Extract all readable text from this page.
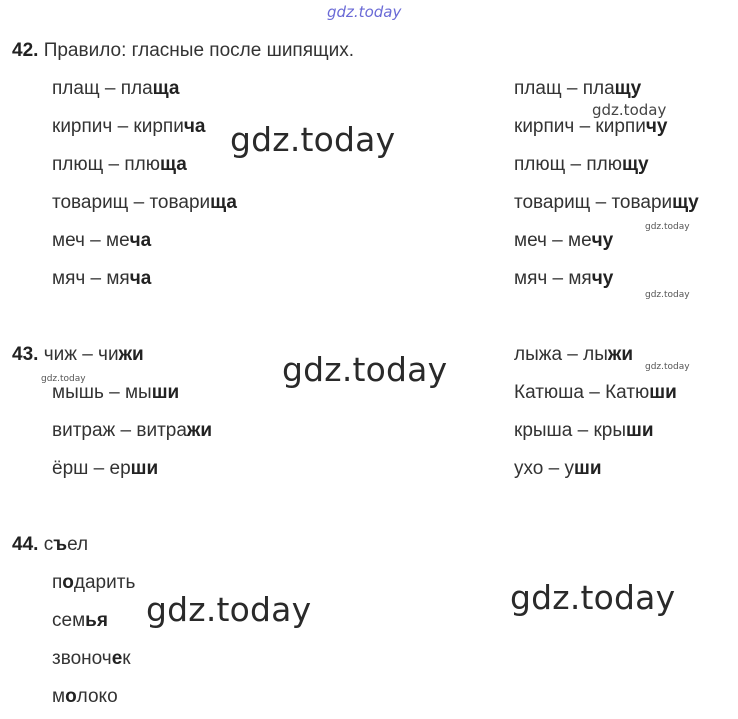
gdz.today
42. Правило: гласные после шипящих.
плащ – плаща
кирпич – кирпича
плющ – плюща
товарищ – товарища
меч – меча
мяч – мяча
плащ – плащу
кирпич – кирпичу
плющ – плющу
товарищ – товарищу
меч – мечу
мяч – мячу
43. чиж – чижи
мышь – мыши
витраж – витражи
ёрш – ерши
лыжа – лыжи
Катюша – Катюши
крыша – крыши
ухо – уши
44. съел
подарить
семья
звоночек
молоко
gdz.today
gdz.today
gdz.today	gdz.today
gdz.today
gdz.today
gdz.today
gdz.today
gdz.today
